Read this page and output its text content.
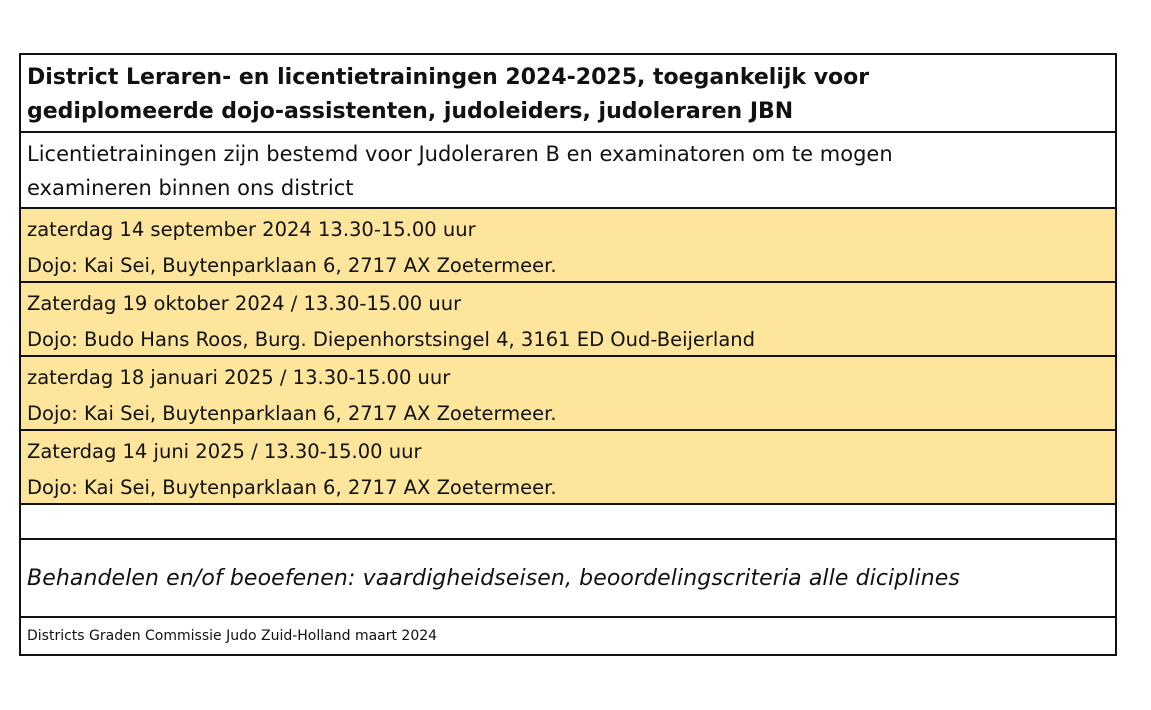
District Leraren- en licentietrainingen 2024-2025, toegankelijk voor
gediplomeerde dojo-assistenten, judoleiders, judoleraren JBN
Licentietrainingen zijn bestemd voor Judoleraren B en examinatoren om te mogen
examineren binnen ons district
zaterdag 14 september 2024 13.30-15.00 uur
Dojo: Kai Sei, Buytenparklaan 6, 2717 AX Zoetermeer.
Zaterdag 19 oktober 2024 / 13.30-15.00 uur
Dojo: Budo Hans Roos, Burg. Diepenhorstsingel 4, 3161 ED Oud-Beijerland
zaterdag 18 januari 2025 / 13.30-15.00 uur
Dojo: Kai Sei, Buytenparklaan 6, 2717 AX Zoetermeer.
Zaterdag 14 juni 2025 / 13.30-15.00 uur
Dojo: Kai Sei, Buytenparklaan 6, 2717 AX Zoetermeer.
Behandelen en/of beoefenen: vaardigheidseisen, beoordelingscriteria alle diciplines
Districts Graden Commissie Judo Zuid-Holland maart 2024
